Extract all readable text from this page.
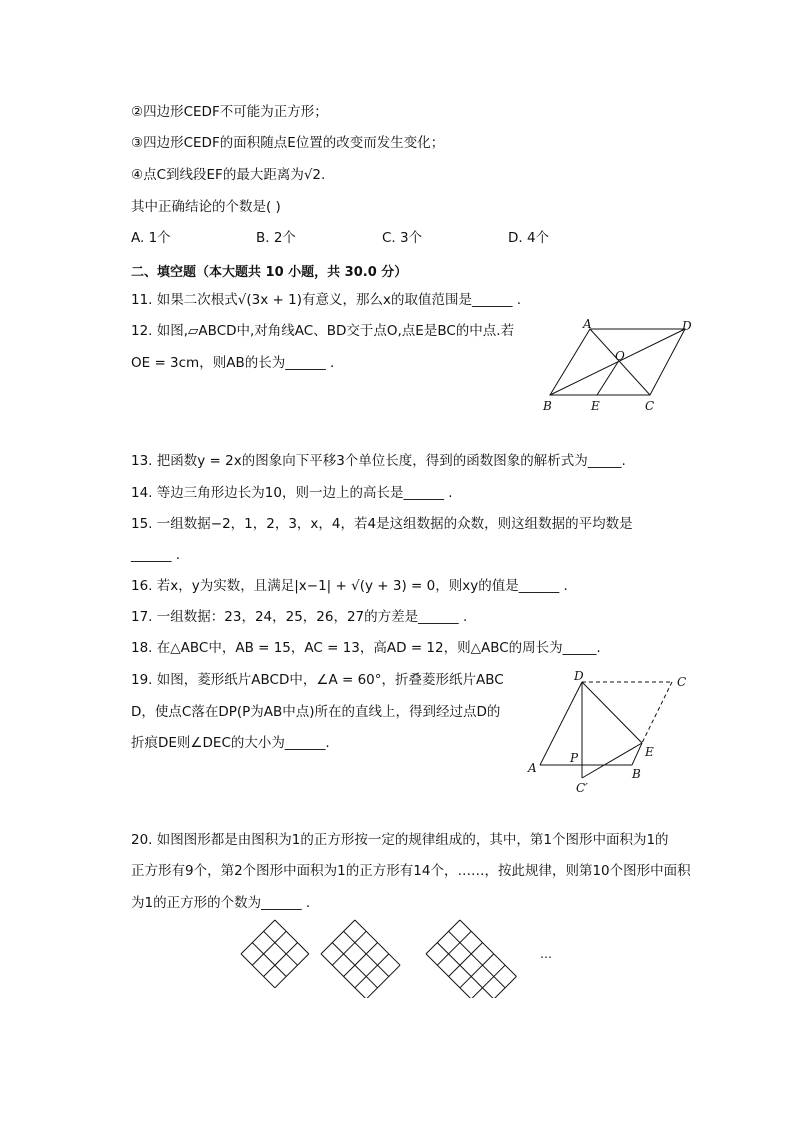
②四边形CEDF不可能为正方形；
③四边形CEDF的面积随点E位置的改变而发生变化；
④点C到线段EF的最大距离为√2.
其中正确结论的个数是( )
A. 1个	B. 2个	C. 3个	D. 4个
二、填空题（本大题共 10 小题，共 30.0 分）
11. 如果二次根式√(3x + 1)有意义，那么x的取值范围是______ .
12. 如图,▱ABCD中,对角线AC、BD交于点O,点E是BC的中点.若
OE = 3cm，则AB的长为______ .
A	D
O
B	E	C
13. 把函数y = 2x的图象向下平移3个单位长度，得到的函数图象的解析式为_____.
14. 等边三角形边长为10，则一边上的高长是______ .
15. 一组数据−2，1，2，3，x，4，若4是这组数据的众数，则这组数据的平均数是
______ .
16. 若x，y为实数，且满足|x−1| + √(y + 3) = 0，则xy的值是______ .
17. 一组数据：23，24，25，26，27的方差是______ .
18. 在△ABC中，AB = 15，AC = 13，高AD = 12，则△ABC的周长为_____.
19. 如图，菱形纸片ABCD中，∠A = 60°，折叠菱形纸片ABC
D，使点C落在DP(P为AB中点)所在的直线上，得到经过点D的
折痕DE则∠DEC的大小为______.
D	C
E
P
A	B
C′
20. 如图图形都是由图积为1的正方形按一定的规律组成的，其中，第1个图形中面积为1的
正方形有9个，第2个图形中面积为1的正方形有14个，……，按此规律，则第10个图形中面积
为1的正方形的个数为______ .
…
